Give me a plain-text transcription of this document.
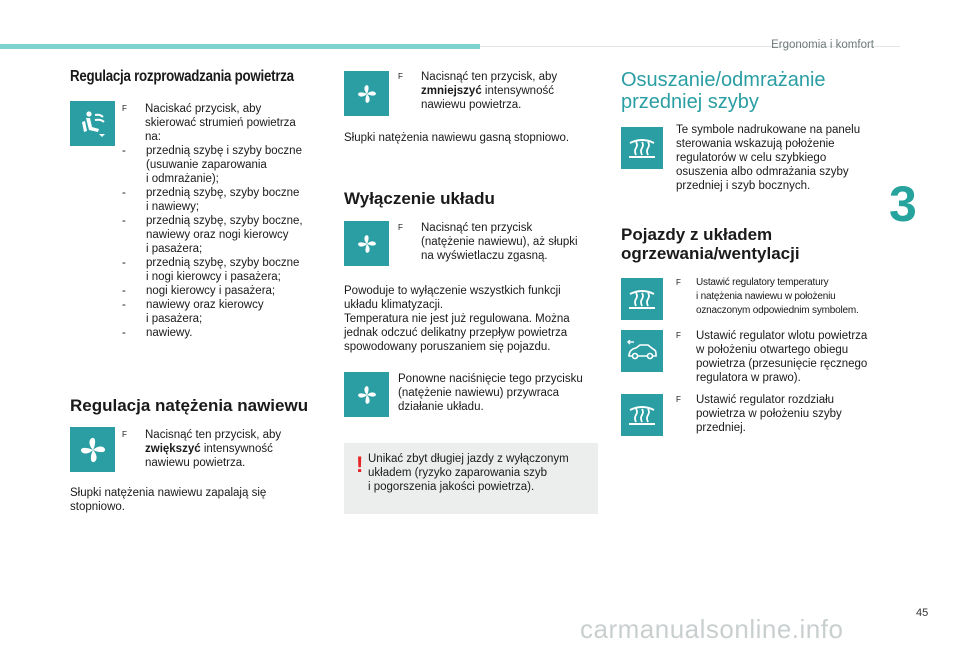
Ergonomia i komfort
3
45
carmanualsonline.info
Regulacja rozprowadzania powietrza
F	Naciskać przycisk, aby
skierować strumień powietrza
na:
- przednią szybę i szyby boczne
(usuwanie zaparowania
i odmrażanie);
- przednią szybę, szyby boczne
i nawiewy;
- przednią szybę, szyby boczne,
nawiewy oraz nogi kierowcy
i pasażera;
- przednią szybę, szyby boczne
i nogi kierowcy i pasażera;
- nogi kierowcy i pasażera;
- nawiewy oraz kierowcy
i pasażera;
- nawiewy.
Regulacja natężenia nawiewu
F	Nacisnąć ten przycisk, aby
zwiększyć intensywność
nawiewu powietrza.
Słupki natężenia nawiewu zapalają się
stopniowo.
F	Nacisnąć ten przycisk, aby
zmniejszyć intensywność
nawiewu powietrza.
Słupki natężenia nawiewu gasną stopniowo.
Wyłączenie układu
F	Nacisnąć ten przycisk
(natężenie nawiewu), aż słupki
na wyświetlaczu zgasną.
Powoduje to wyłączenie wszystkich funkcji
układu klimatyzacji.
Temperatura nie jest już regulowana. Można
jednak odczuć delikatny przepływ powietrza
spowodowany poruszaniem się pojazdu.
Ponowne naciśnięcie tego przycisku
(natężenie nawiewu) przywraca
działanie układu.
! Unikać zbyt długiej jazdy z wyłączonym
układem (ryzyko zaparowania szyb
i pogorszenia jakości powietrza).
Osuszanie/odmrażanie
przedniej szyby
Te symbole nadrukowane na panelu
sterowania wskazują położenie
regulatorów w celu szybkiego
osuszenia albo odmrażania szyby
przedniej i szyb bocznych.
Pojazdy z układem
ogrzewania/wentylacji
F	Ustawić regulatory temperatury
i natężenia nawiewu w położeniu
oznaczonym odpowiednim symbolem.
F	Ustawić regulator wlotu powietrza
w położeniu otwartego obiegu
powietrza (przesunięcie ręcznego
regulatora w prawo).
F	Ustawić regulator rozdziału
powietrza w położeniu szyby
przedniej.
